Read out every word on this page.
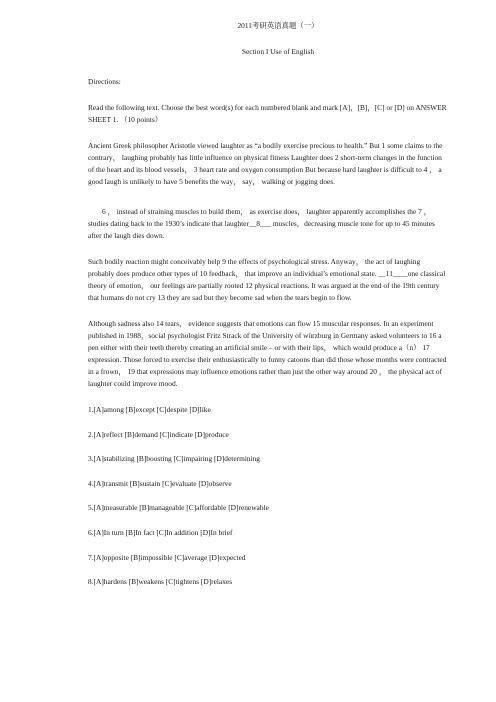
2011考研英语真题（一）

Section I Use of English

Directions:

Read the following text. Choose the best word(s) for each numbered blank and mark [A]，[B]，[C] or [D] on ANSWER SHEET 1. （10 points）

Ancient Greek philosopher Aristotle viewed laughter as “a bodily exercise precious to health.” But 1 some claims to the contrary， laughing probably has little influence on physical fitness Laughter does 2 short-term changes in the function of the heart and its blood vessels， 3 heart rate and oxygen consumption But because hard laughter is difficult to 4 ， a good laugh is unlikely to have 5 benefits the way， say， walking or jogging does.

6 ， instead of straining muscles to build them， as exercise does， laughter apparently accomplishes the 7 ， studies dating back to the 1930’s indicate that laughter__8___ muscles，decreasing muscle tone for up to 45 minutes after the laugh dies down.

Such bodily reaction might conceivably help 9 the effects of psychological stress. Anyway， the act of laughing probably does produce other types of 10 feedback， that improve an individual’s emotional state. __11____one classical theory of emotion， our feelings are partially rooted 12 physical reactions. It was argued at the end of the 19th century that humans do not cry 13 they are sad but they become sad when the tears begin to flow.

Although sadness also 14 tears， evidence suggests that emotions can flow 15 muscular responses. In an experiment published in 1988，social psychologist Fritz Strack of the University of würzburg in Germany asked volunteers to 16 a pen either with their teeth thereby creating an artificial smile – or with their lips， which would produce a（n） 17 expression. Those forced to exercise their enthusiastically to funny catoons than did those whose months were contracted in a frown， 19 that expressions may influence emotions rather than just the other way around 20 ， the physical act of laughter could improve mood.

1.[A]among [B]except [C]despite [D]like

2.[A]reflect [B]demand [C]indicate [D]produce

3.[A]stabilizing [B]boosting [C]impairing [D]determining

4.[A]transmit [B]sustain [C]evaluate [D]observe

5.[A]measurable [B]manageable [C]affordable [D]renewable

6.[A]In turn [B]In fact [C]In addition [D]In brief

7.[A]opposite [B]impossible [C]average [D]expected

8.[A]hardens [B]weakens [C]tightens [D]relaxes
